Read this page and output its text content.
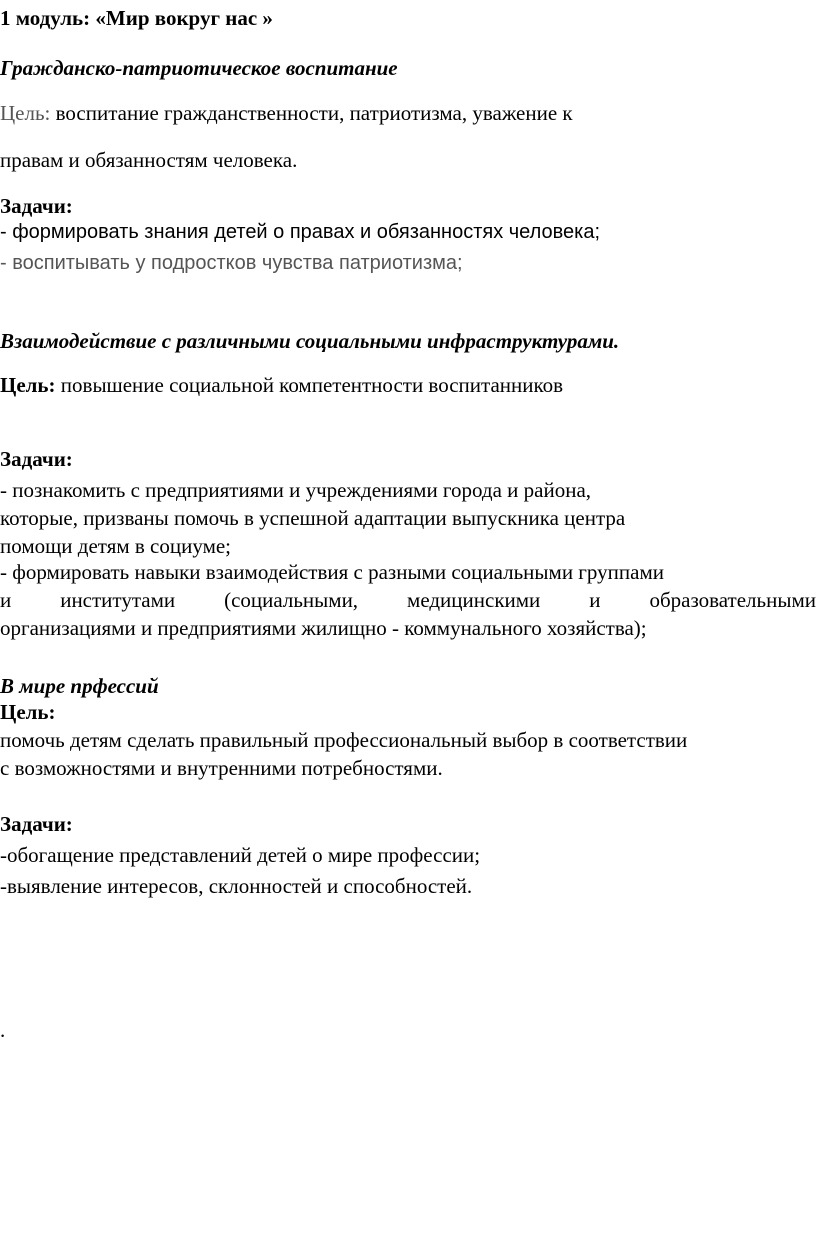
1 модуль: «Мир вокруг нас »

Гражданско-патриотическое воспитание

Цель: воспитание гражданственности, патриотизма, уважение к

правам и обязанностям человека.

Задачи:

- формировать знания детей о правах и обязанностях человека;

- воспитывать у подростков чувства патриотизма;

Взаимодействие с различными социальными инфраструктурами.

Цель: повышение социальной компетентности воспитанников

Задачи:

- познакомить с предприятиями и учреждениями города и района,

которые, призваны помочь в успешной адаптации выпускника центра

помощи детям в социуме;

- формировать навыки взаимодействия с разными социальными группами

и институтами (социальными, медицинскими и образовательными

организациями и предприятиями жилищно - коммунального хозяйства);

В мире прфессий

Цель:

помочь детям сделать правильный профессиональный выбор в соответствии

с возможностями и внутренними потребностями.

Задачи:

-обогащение представлений детей о мире профессии;

-выявление интересов, склонностей и способностей.

.
